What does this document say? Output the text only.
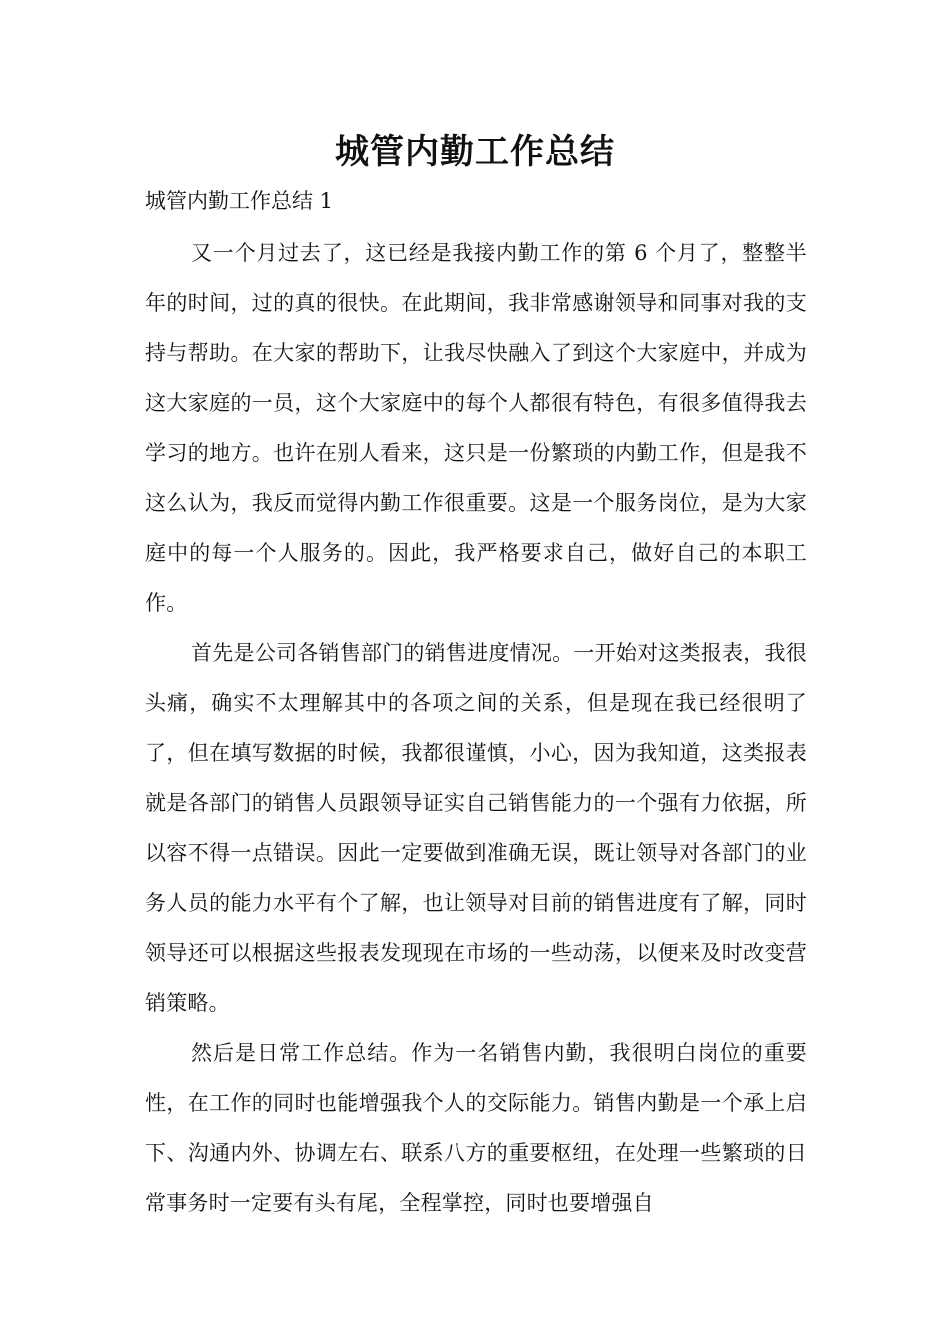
城管内勤工作总结

城管内勤工作总结 1

又一个月过去了，这已经是我接内勤工作的第 6 个月了，整整半年的时间，过的真的很快。在此期间，我非常感谢领导和同事对我的支持与帮助。在大家的帮助下，让我尽快融入了到这个大家庭中，并成为这大家庭的一员，这个大家庭中的每个人都很有特色，有很多值得我去学习的地方。也许在别人看来，这只是一份繁琐的内勤工作，但是我不这么认为，我反而觉得内勤工作很重要。这是一个服务岗位，是为大家庭中的每一个人服务的。因此，我严格要求自己，做好自己的本职工作。

首先是公司各销售部门的销售进度情况。一开始对这类报表，我很头痛，确实不太理解其中的各项之间的关系，但是现在我已经很明了了，但在填写数据的时候，我都很谨慎，小心，因为我知道，这类报表就是各部门的销售人员跟领导证实自己销售能力的一个强有力依据，所以容不得一点错误。因此一定要做到准确无误，既让领导对各部门的业务人员的能力水平有个了解，也让领导对目前的销售进度有了解，同时领导还可以根据这些报表发现现在市场的一些动荡，以便来及时改变营销策略。

然后是日常工作总结。作为一名销售内勤，我很明白岗位的重要性，在工作的同时也能增强我个人的交际能力。销售内勤是一个承上启下、沟通内外、协调左右、联系八方的重要枢纽，在处理一些繁琐的日常事务时一定要有头有尾，全程掌控，同时也要增强自
